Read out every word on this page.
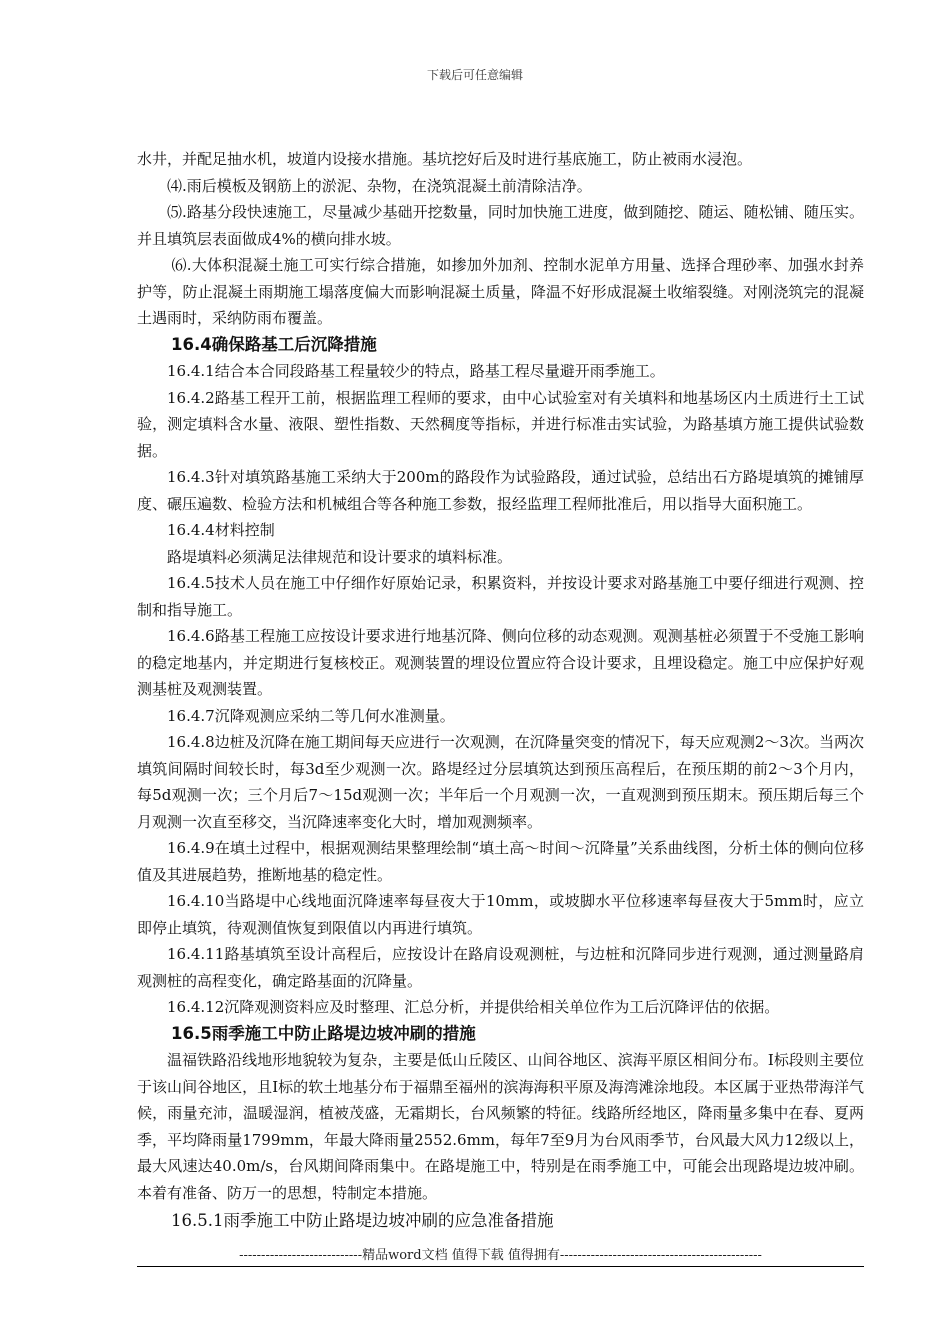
下载后可任意编辑

水井，并配足抽水机，坡道内设接水措施。基坑挖好后及时进行基底施工，防止被雨水浸泡。

⑷.雨后模板及钢筋上的淤泥、杂物，在浇筑混凝土前清除洁净。

⑸.路基分段快速施工，尽量减少基础开挖数量，同时加快施工进度，做到随挖、随运、随松铺、随压实。并且填筑层表面做成4%的横向排水坡。

⑹.大体积混凝土施工可实行综合措施，如掺加外加剂、控制水泥单方用量、选择合理砂率、加强水封养护等，防止混凝土雨期施工塌落度偏大而影响混凝土质量，降温不好形成混凝土收缩裂缝。对刚浇筑完的混凝土遇雨时，采纳防雨布覆盖。

16.4确保路基工后沉降措施

16.4.1结合本合同段路基工程量较少的特点，路基工程尽量避开雨季施工。

16.4.2路基工程开工前，根据监理工程师的要求，由中心试验室对有关填料和地基场区内土质进行土工试验，测定填料含水量、液限、塑性指数、天然稠度等指标，并进行标准击实试验，为路基填方施工提供试验数据。

16.4.3针对填筑路基施工采纳大于200m的路段作为试验路段，通过试验，总结出石方路堤填筑的摊铺厚度、碾压遍数、检验方法和机械组合等各种施工参数，报经监理工程师批准后，用以指导大面积施工。

16.4.4材料控制

路堤填料必须满足法律规范和设计要求的填料标准。

16.4.5技术人员在施工中仔细作好原始记录，积累资料，并按设计要求对路基施工中要仔细进行观测、控制和指导施工。

16.4.6路基工程施工应按设计要求进行地基沉降、侧向位移的动态观测。观测基桩必须置于不受施工影响的稳定地基内，并定期进行复核校正。观测装置的埋设位置应符合设计要求，且埋设稳定。施工中应保护好观测基桩及观测装置。

16.4.7沉降观测应采纳二等几何水准测量。

16.4.8边桩及沉降在施工期间每天应进行一次观测，在沉降量突变的情况下，每天应观测2～3次。当两次填筑间隔时间较长时，每3d至少观测一次。路堤经过分层填筑达到预压高程后，在预压期的前2～3个月内，每5d观测一次；三个月后7～15d观测一次；半年后一个月观测一次，一直观测到预压期末。预压期后每三个月观测一次直至移交，当沉降速率变化大时，增加观测频率。

16.4.9在填土过程中，根据观测结果整理绘制“填土高～时间～沉降量”关系曲线图，分析土体的侧向位移值及其进展趋势，推断地基的稳定性。

16.4.10当路堤中心线地面沉降速率每昼夜大于10mm，或坡脚水平位移速率每昼夜大于5mm时，应立即停止填筑，待观测值恢复到限值以内再进行填筑。

16.4.11路基填筑至设计高程后，应按设计在路肩设观测桩，与边桩和沉降同步进行观测，通过测量路肩观测桩的高程变化，确定路基面的沉降量。

16.4.12沉降观测资料应及时整理、汇总分析，并提供给相关单位作为工后沉降评估的依据。

16.5雨季施工中防止路堤边坡冲刷的措施

温福铁路沿线地形地貌较为复杂，主要是低山丘陵区、山间谷地区、滨海平原区相间分布。Ⅰ标段则主要位于该山间谷地区，且Ⅰ标的软土地基分布于福鼎至福州的滨海海积平原及海湾滩涂地段。本区属于亚热带海洋气候，雨量充沛，温暖湿润，植被茂盛，无霜期长，台风频繁的特征。线路所经地区，降雨量多集中在春、夏两季，平均降雨量1799mm，年最大降雨量2552.6mm，每年7至9月为台风雨季节，台风最大风力12级以上，最大风速达40.0m/s，台风期间降雨集中。在路堤施工中，特别是在雨季施工中，可能会出现路堤边坡冲刷。本着有准备、防万一的思想，特制定本措施。

16.5.1雨季施工中防止路堤边坡冲刷的应急准备措施
----------------------------精品word文档 值得下载 值得拥有----------------------------------------------
